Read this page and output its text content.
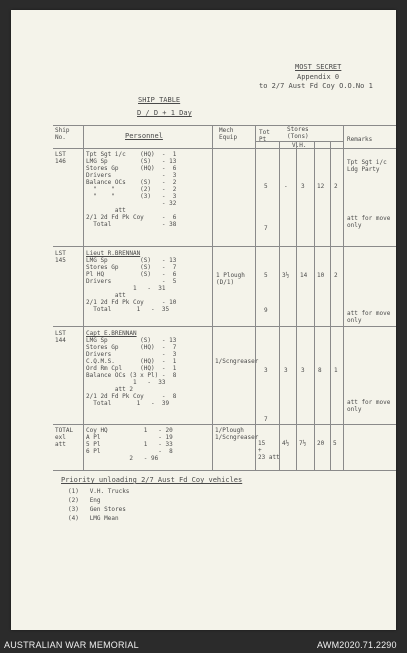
MOST SECRET
Appendix 0
to 2/7 Aust Fd Coy O.O.No 1
SHIP TABLE
D / D + 1 Day
Ship
No.	Personnel
Mech
Equip
Tot
Pt
Stores
(Tons)
V.H.
Remarks
LST
146
Tpt Sgt i/c    (HQ)  -  1
LMG Sp         (S)   - 13
Stores Gp      (HQ)  -  6
Drivers              -  3
Balance OCs    (S)   -  2
"    "       (2)   -  2
"    "       (3)   -  3
- 32
att
2/1 2d Fd Pk Coy     -  6
Total              - 38
5

7
- 3 12 2
Tpt Sgt i/c
Ldg Party

att for move
only
LST
145
Lieut R.BRENNAN
LMG Sp         (S)   - 13
Stores Gp      (S)   -  7
Pl HQ          (S)   -  6
Drivers              -  5
1   -  31
att
2/1 2d Fd Pk Coy     - 10
Total       1   -  35
1 Plough
(D/1)
5

9
3½ 14 10 2
att for move
only
LST
144
Capt E.BRENNAN
LMG Sp         (S)   - 13
Stores Gp      (HQ)  -  7
Drivers              -  3
C.Q.M.S.       (HQ)  -  1
Ord Rm Cpl     (HQ)  -  1
Balance OCs (3 x Pl) -  8
1   -  33
att 2
2/1 2d Fd Pk Coy     -  8
Total       1   -  39
1/Scngreaser
3

7
3 3 8 1
att for move
only
TOTAL
exl
att
Coy HQ          1   - 20
A Pl                - 19
5 Pl            1   - 33
6 Pl                -  8
2   - 96
1/Plough
1/Scngreaser
15
+
23 att
4½ 7½ 20 5
Priority unloading 2/7 Aust Fd Coy vehicles
(1) V.H. Trucks
(2) Eng
(3) Gen Stores
(4) LMG Mean
AUSTRALIAN WAR MEMORIAL	AWM2020.71.2290
